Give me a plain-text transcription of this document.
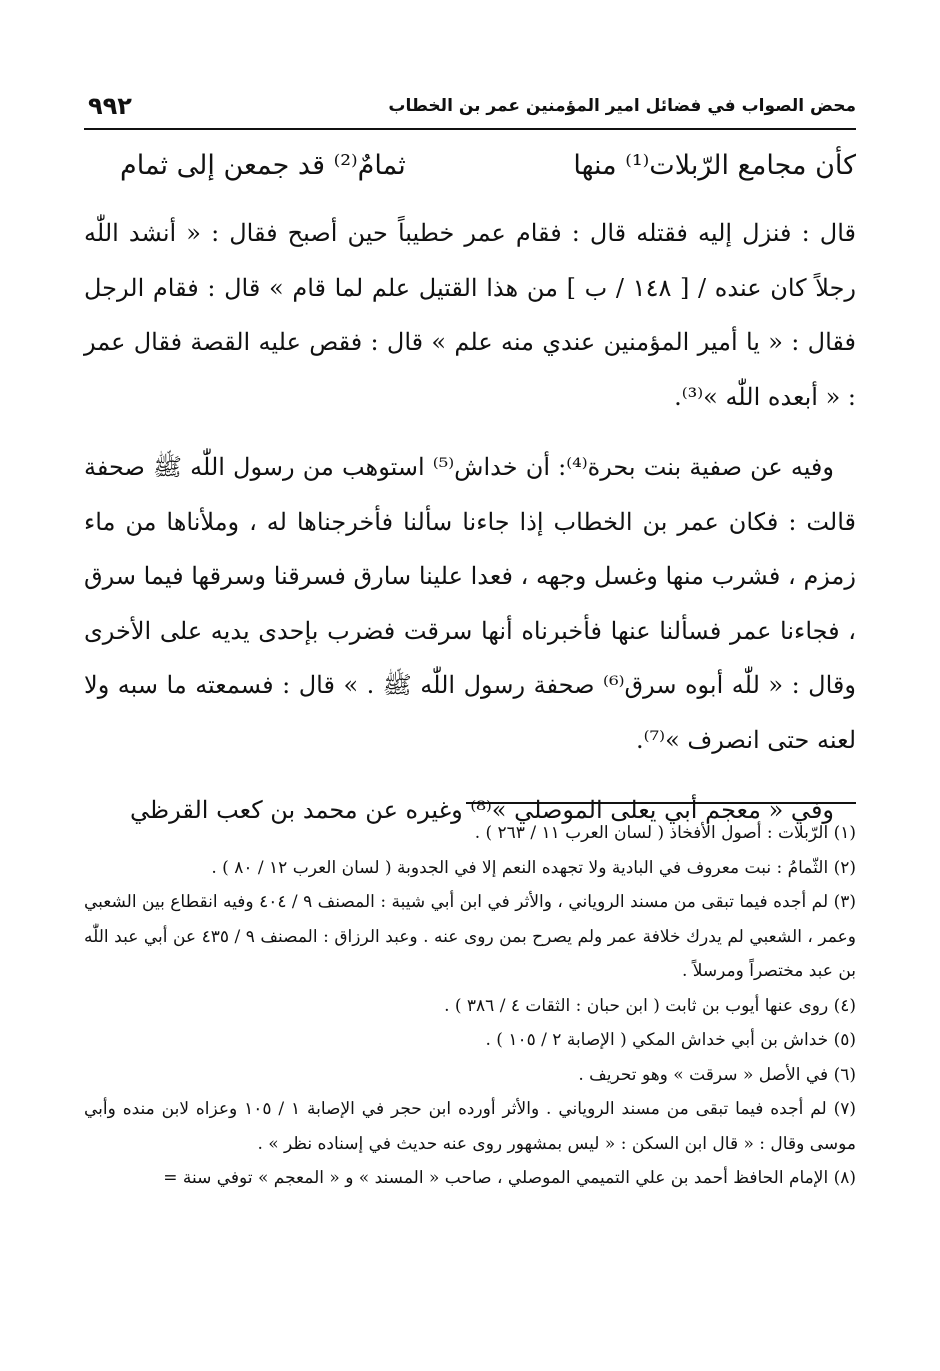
محض الصواب في فضائل امير المؤمنين عمر بن الخطاب
٩٩٢
كأن مجامع الرّبلات⁽¹⁾ منها
ثمامٌ⁽²⁾ قد جمعن إلى ثمام

قال : فنزل إليه فقتله قال : فقام عمر خطيباً حين أصبح فقال : « أنشد اللّٰه رجلاً كان عنده / [ ١٤٨ / ب ] من هذا القتيل علم لما قام » قال : فقام الرجل فقال : « يا أمير المؤمنين عندي منه علم » قال : فقص عليه القصة فقال عمر : « أبعده اللّٰه »⁽³⁾.

وفيه عن صفية بنت بحرة⁽⁴⁾: أن خداش⁽⁵⁾ استوهب من رسول اللّٰه ﷺ صحفة قالت : فكان عمر بن الخطاب إذا جاءنا سألنا فأخرجناها له ، وملأناها من ماء زمزم ، فشرب منها وغسل وجهه ، فعدا علينا سارق فسرقنا وسرقها فيما سرق ، فجاءنا عمر فسألنا عنها فأخبرناه أنها سرقت فضرب بإحدى يديه على الأخرى وقال : « للّٰه أبوه سرق⁽⁶⁾ صحفة رسول اللّٰه ﷺ . » قال : فسمعته ما سبه ولا لعنه حتى انصرف »⁽⁷⁾.

وفي « معجم أبي يعلى الموصلي »⁽⁸⁾ وغيره عن محمد بن كعب القرظي

(١) الرّبلات : أصول الأفخاذ ( لسان العرب ١١ / ٢٦٣ ) .

(٢) الثّمامُ : نبت معروف في البادية ولا تجهده النعم إلا في الجدوبة ( لسان العرب ١٢ / ٨٠ ) .

(٣) لم أجده فيما تبقى من مسند الروياني ، والأثر في ابن أبي شيبة : المصنف ٩ / ٤٠٤ وفيه انقطاع بين الشعبي وعمر ، الشعبي لم يدرك خلافة عمر ولم يصرح بمن روى عنه . وعبد الرزاق : المصنف ٩ / ٤٣٥ عن أبي عبد اللّٰه بن عبد مختصراً ومرسلاً .

(٤) روى عنها أيوب بن ثابت ( ابن حبان : الثقات ٤ / ٣٨٦ ) .

(٥) خداش بن أبي خداش المكي ( الإصابة ٢ / ١٠٥ ) .

(٦) في الأصل « سرقت » وهو تحريف .

(٧) لم أجده فيما تبقى من مسند الروياني . والأثر أورده ابن حجر في الإصابة ١ / ١٠٥ وعزاه لابن منده وأبي موسى وقال : « قال ابن السكن : « ليس بمشهور روى عنه حديث في إسناده نظر » .

(٨) الإمام الحافظ أحمد بن علي التميمي الموصلي ، صاحب « المسند » و « المعجم » توفي سنة =
